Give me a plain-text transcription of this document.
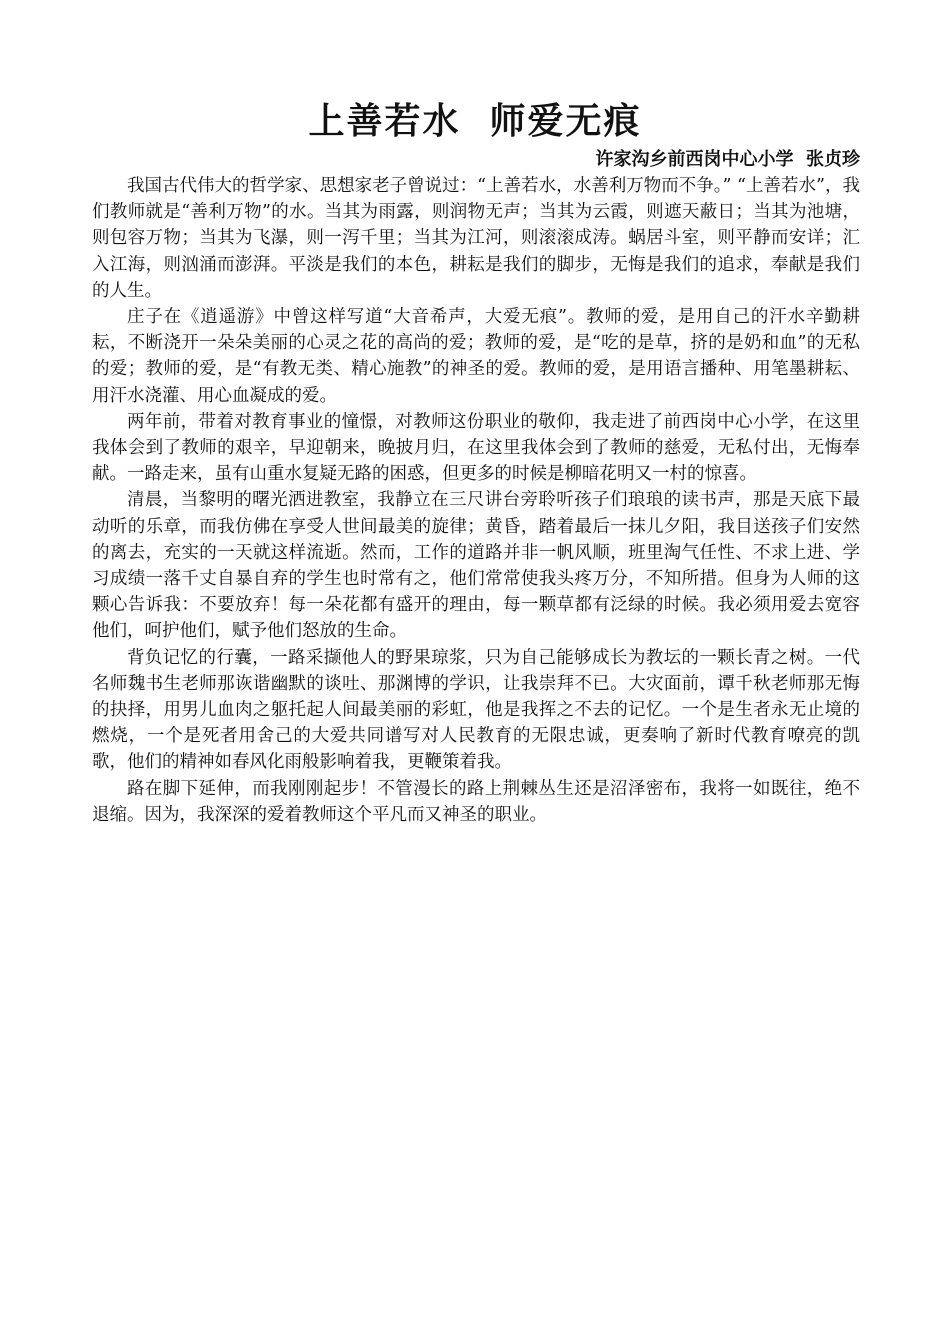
上善若水  师爱无痕
许家沟乡前西岗中心小学  张贞珍

我国古代伟大的哲学家、思想家老子曾说过：“上善若水，水善利万物而不争。” “上善若水”，我们教师就是“善利万物”的水。当其为雨露，则润物无声；当其为云霞，则遮天蔽日；当其为池塘，则包容万物；当其为飞瀑，则一泻千里；当其为江河，则滚滚成涛。蜗居斗室，则平静而安详；汇入江海，则汹涌而澎湃。平淡是我们的本色，耕耘是我们的脚步，无悔是我们的追求，奉献是我们的人生。

庄子在《逍遥游》中曾这样写道“大音希声，大爱无痕”。教师的爱，是用自己的汗水辛勤耕耘，不断浇开一朵朵美丽的心灵之花的高尚的爱；教师的爱，是“吃的是草，挤的是奶和血”的无私的爱；教师的爱，是“有教无类、精心施教”的神圣的爱。教师的爱，是用语言播种、用笔墨耕耘、用汗水浇灌、用心血凝成的爱。

两年前，带着对教育事业的憧憬，对教师这份职业的敬仰，我走进了前西岗中心小学，在这里我体会到了教师的艰辛，早迎朝来，晚披月归，在这里我体会到了教师的慈爱，无私付出，无悔奉献。一路走来，虽有山重水复疑无路的困惑，但更多的时候是柳暗花明又一村的惊喜。

清晨，当黎明的曙光洒进教室，我静立在三尺讲台旁聆听孩子们琅琅的读书声，那是天底下最动听的乐章，而我仿佛在享受人世间最美的旋律；黄昏，踏着最后一抹儿夕阳，我目送孩子们安然的离去，充实的一天就这样流逝。然而，工作的道路并非一帆风顺，班里淘气任性、不求上进、学习成绩一落千丈自暴自弃的学生也时常有之，他们常常使我头疼万分，不知所措。但身为人师的这颗心告诉我：不要放弃！每一朵花都有盛开的理由，每一颗草都有泛绿的时候。我必须用爱去宽容他们，呵护他们，赋予他们怒放的生命。

背负记忆的行囊，一路采撷他人的野果琼浆，只为自己能够成长为教坛的一颗长青之树。一代名师魏书生老师那诙谐幽默的谈吐、那渊博的学识，让我崇拜不已。大灾面前，谭千秋老师那无悔的抉择，用男儿血肉之躯托起人间最美丽的彩虹，他是我挥之不去的记忆。一个是生者永无止境的燃烧，一个是死者用舍己的大爱共同谱写对人民教育的无限忠诚，更奏响了新时代教育嘹亮的凯歌，他们的精神如春风化雨般影响着我，更鞭策着我。

路在脚下延伸，而我刚刚起步！不管漫长的路上荆棘丛生还是沼泽密布，我将一如既往，绝不退缩。因为，我深深的爱着教师这个平凡而又神圣的职业。
